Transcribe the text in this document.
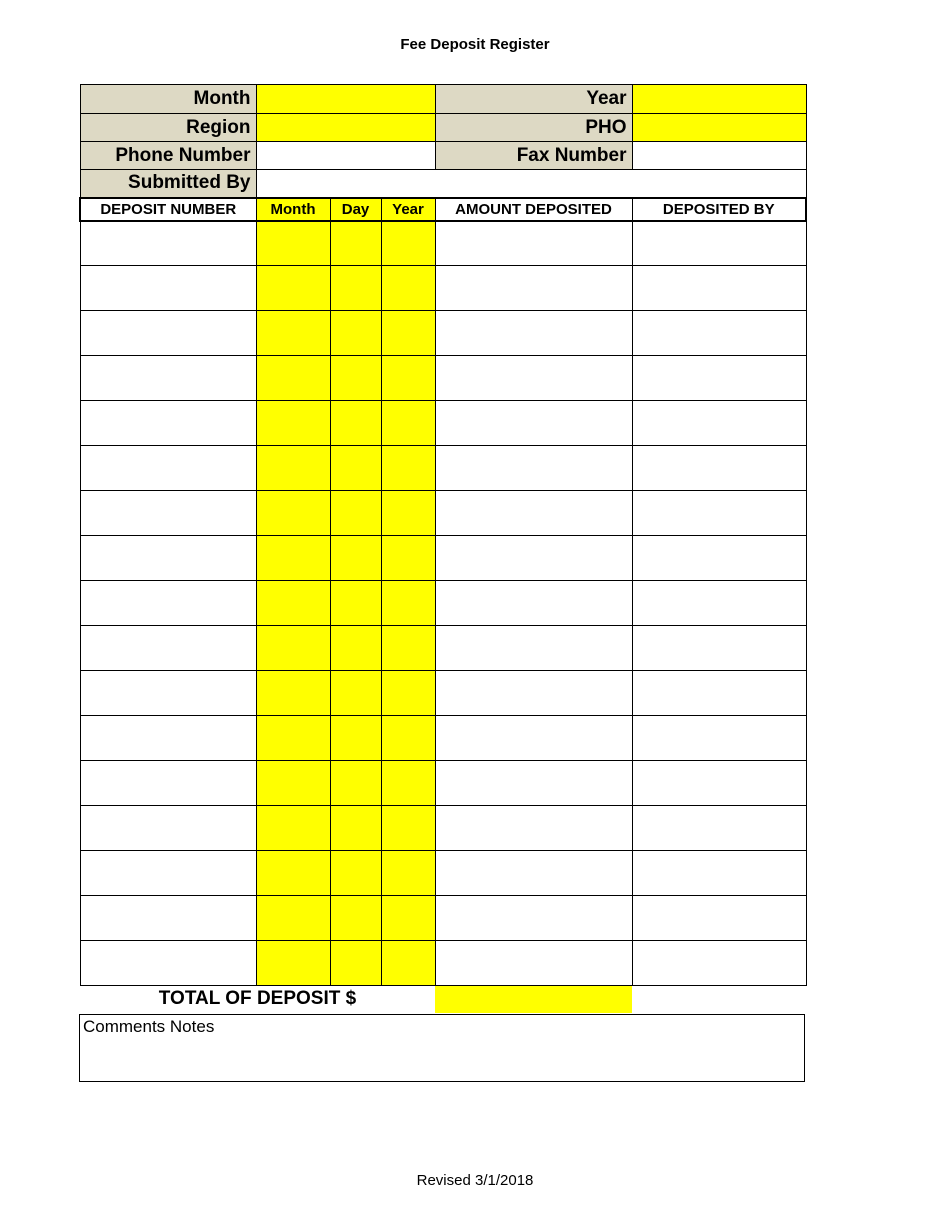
Fee Deposit Register
Month				Year	
Region				PHO	
Phone Number				Fax Number	
Submitted By					
DEPOSIT NUMBER	Month	Day	Year	AMOUNT DEPOSITED	DEPOSITED BY

TOTAL OF DEPOSIT $					
Comments Notes
Revised 3/1/2018
